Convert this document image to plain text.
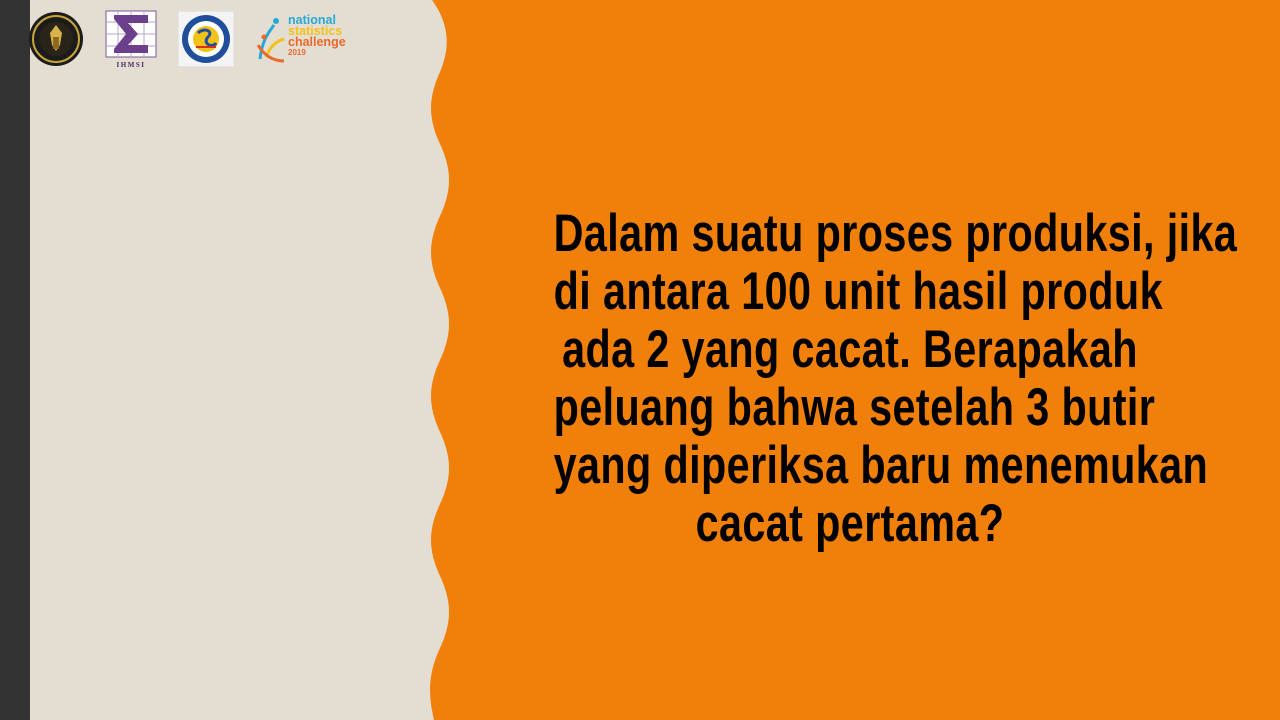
IHMSI
national
statistics
challenge
2019
Dalam suatu proses produksi, jika
di antara 100 unit hasil produk
ada 2 yang cacat. Berapakah
peluang bahwa setelah 3 butir
yang diperiksa baru menemukan
cacat pertama?
